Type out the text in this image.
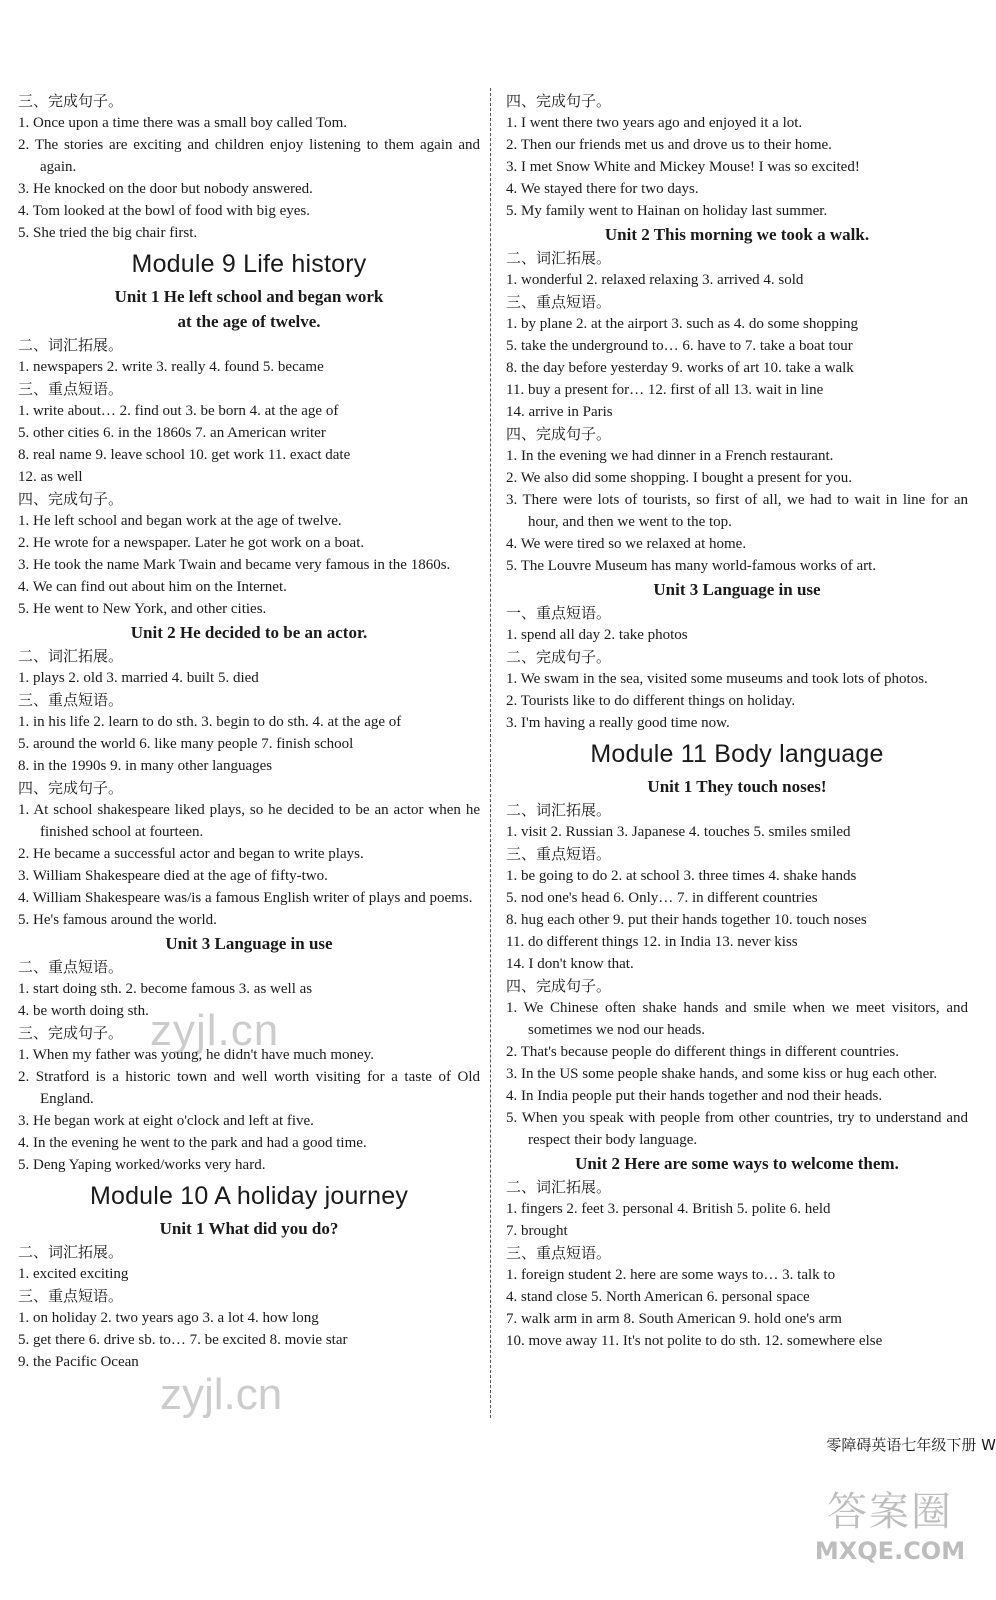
三、完成句子。
1. Once upon a time there was a small boy called Tom.
2. The stories are exciting and children enjoy listening to them again and again.
3. He knocked on the door but nobody answered.
4. Tom looked at the bowl of food with big eyes.
5. She tried the big chair first.
Module 9 Life history
Unit 1 He left school and began work
at the age of twelve.
二、词汇拓展。
1. newspapers 2. write 3. really 4. found 5. became
三、重点短语。
1. write about… 2. find out 3. be born 4. at the age of
5. other cities 6. in the 1860s 7. an American writer
8. real name 9. leave school 10. get work 11. exact date
12. as well
四、完成句子。
1. He left school and began work at the age of twelve.
2. He wrote for a newspaper. Later he got work on a boat.
3. He took the name Mark Twain and became very famous in the 1860s.
4. We can find out about him on the Internet.
5. He went to New York, and other cities.
Unit 2 He decided to be an actor.
二、词汇拓展。
1. plays 2. old 3. married 4. built 5. died
三、重点短语。
1. in his life 2. learn to do sth. 3. begin to do sth. 4. at the age of
5. around the world 6. like many people 7. finish school
8. in the 1990s 9. in many other languages
四、完成句子。
1. At school shakespeare liked plays, so he decided to be an actor when he finished school at fourteen.
2. He became a successful actor and began to write plays.
3. William Shakespeare died at the age of fifty-two.
4. William Shakespeare was/is a famous English writer of plays and poems.
5. He's famous around the world.
Unit 3 Language in use
二、重点短语。
1. start doing sth. 2. become famous 3. as well as
4. be worth doing sth.
三、完成句子。
1. When my father was young, he didn't have much money.
2. Stratford is a historic town and well worth visiting for a taste of Old England.
3. He began work at eight o'clock and left at five.
4. In the evening he went to the park and had a good time.
5. Deng Yaping worked/works very hard.
Module 10 A holiday journey
Unit 1 What did you do?
二、词汇拓展。
1. excited exciting
三、重点短语。
1. on holiday 2. two years ago 3. a lot 4. how long
5. get there 6. drive sb. to… 7. be excited 8. movie star
9. the Pacific Ocean
四、完成句子。
1. I went there two years ago and enjoyed it a lot.
2. Then our friends met us and drove us to their home.
3. I met Snow White and Mickey Mouse! I was so excited!
4. We stayed there for two days.
5. My family went to Hainan on holiday last summer.
Unit 2 This morning we took a walk.
二、词汇拓展。
1. wonderful 2. relaxed relaxing 3. arrived 4. sold
三、重点短语。
1. by plane 2. at the airport 3. such as 4. do some shopping
5. take the underground to… 6. have to 7. take a boat tour
8. the day before yesterday 9. works of art 10. take a walk
11. buy a present for… 12. first of all 13. wait in line
14. arrive in Paris
四、完成句子。
1. In the evening we had dinner in a French restaurant.
2. We also did some shopping. I bought a present for you.
3. There were lots of tourists, so first of all, we had to wait in line for an hour, and then we went to the top.
4. We were tired so we relaxed at home.
5. The Louvre Museum has many world-famous works of art.
Unit 3 Language in use
一、重点短语。
1. spend all day 2. take photos
二、完成句子。
1. We swam in the sea, visited some museums and took lots of photos.
2. Tourists like to do different things on holiday.
3. I'm having a really good time now.
Module 11 Body language
Unit 1 They touch noses!
二、词汇拓展。
1. visit 2. Russian 3. Japanese 4. touches 5. smiles smiled
三、重点短语。
1. be going to do 2. at school 3. three times 4. shake hands
5. nod one's head 6. Only… 7. in different countries
8. hug each other 9. put their hands together 10. touch noses
11. do different things 12. in India 13. never kiss
14. I don't know that.
四、完成句子。
1. We Chinese often shake hands and smile when we meet visitors, and sometimes we nod our heads.
2. That's because people do different things in different countries.
3. In the US some people shake hands, and some kiss or hug each other.
4. In India people put their hands together and nod their heads.
5. When you speak with people from other countries, try to understand and respect their body language.
Unit 2 Here are some ways to welcome them.
二、词汇拓展。
1. fingers 2. feet 3. personal 4. British 5. polite 6. held
7. brought
三、重点短语。
1. foreign student 2. here are some ways to… 3. talk to
4. stand close 5. North American 6. personal space
7. walk arm in arm 8. South American 9. hold one's arm
10. move away 11. It's not polite to do sth. 12. somewhere else
零障碍英语七年级下册 W
zyjl.cn
zyjl.cn
答案圈
MXQE.COM
